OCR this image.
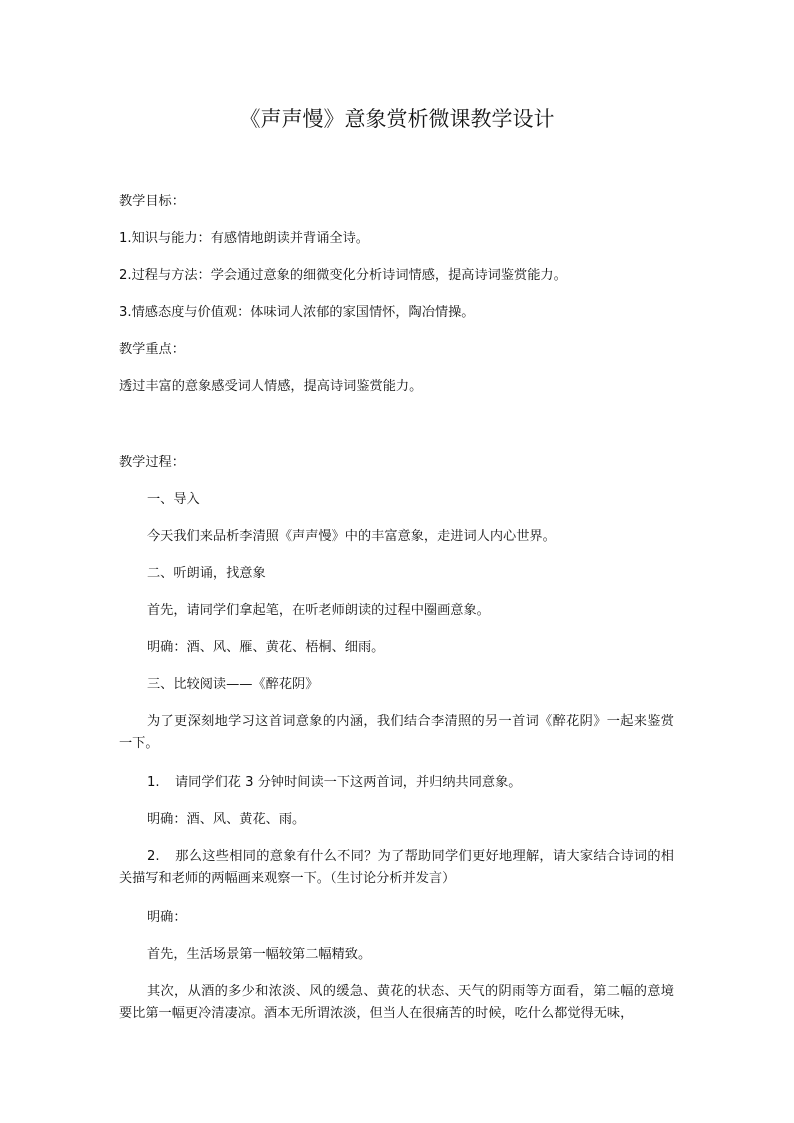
《声声慢》意象赏析微课教学设计

教学目标：

1.知识与能力：有感情地朗读并背诵全诗。

2.过程与方法：学会通过意象的细微变化分析诗词情感，提高诗词鉴赏能力。

3.情感态度与价值观：体味词人浓郁的家国情怀，陶冶情操。

教学重点：

透过丰富的意象感受词人情感，提高诗词鉴赏能力。

教学过程：

一、导入

今天我们来品析李清照《声声慢》中的丰富意象，走进词人内心世界。

二、听朗诵，找意象

首先，请同学们拿起笔，在听老师朗读的过程中圈画意象。

明确：酒、风、雁、黄花、梧桐、细雨。

三、比较阅读——《醉花阴》

为了更深刻地学习这首词意象的内涵，我们结合李清照的另一首词《醉花阴》一起来鉴赏一下。

1. 请同学们花 3 分钟时间读一下这两首词，并归纳共同意象。

明确：酒、风、黄花、雨。

2. 那么这些相同的意象有什么不同？为了帮助同学们更好地理解，请大家结合诗词的相关描写和老师的两幅画来观察一下。（生讨论分析并发言）

明确：

首先，生活场景第一幅较第二幅精致。

其次，从酒的多少和浓淡、风的缓急、黄花的状态、天气的阴雨等方面看，第二幅的意境要比第一幅更冷清凄凉。酒本无所谓浓淡，但当人在很痛苦的时候，吃什么都觉得无味，
